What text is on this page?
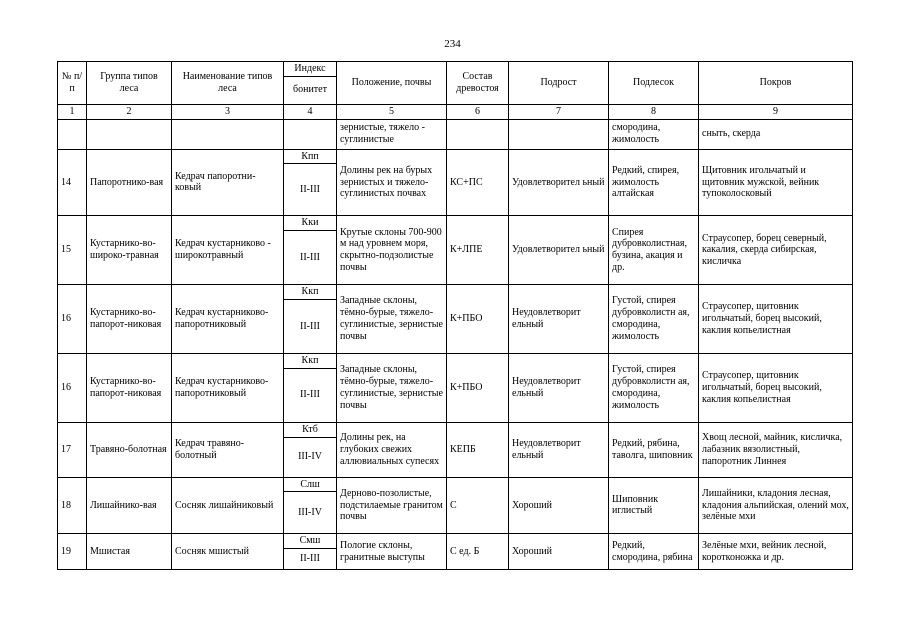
234
№ п/п	Группа типов леса	Наименование типов леса	Индекс	Положение, почвы	Состав древостоя	Подрост	Подлесок	Покров
			бонитет					
1	2	3	4	5	6	7	8	9
				зернистые, тяжело - суглинистые			смородина, жимолость	сныть, скерда
14	Папоротнико-вая	Кедрач папоротни-ковый	Кпп	Долины рек на бурых зернистых и тяжело-суглинистых почвах	КС+ПС	Удовлетворител ьный	Редкий, спирея, жимолость алтайская	Щитовник игольчатый и щитовник мужской, вейник тупоколосковый
			II-III					
15	Кустарнико-во-широко-травная	Кедрач кустарниково - широкотравный	Кки	Крутые склоны 700-900 м над уровнем моря, скрытно-подзолистые почвы	К+ЛПЕ	Удовлетворител ьный	Спирея дубровколистная, бузина, акация и др.	Страусопер, борец северный, какалия, скерда сибирская, кисличка
			II-III					
16	Кустарнико-во-папорот-никовая	Кедрач кустарниково-папоротниковый	Ккп	Западные склоны, тёмно-бурые, тяжело-суглинистые, зернистые почвы	К+ПБО	Неудовлетворит ельный	Густой, спирея дубровколистн ая, смородина, жимолость	Страусопер, щитовник игольчатый, борец высокий, каклия копьелистная
			II-III					
16	Кустарнико-во-папорот-никовая	Кедрач кустарниково-папоротниковый	Ккп	Западные склоны, тёмно-бурые, тяжело-суглинистые, зернистые почвы	К+ПБО	Неудовлетворит ельный	Густой, спирея дубровколистн ая, смородина, жимолость	Страусопер, щитовник игольчатый, борец высокий, каклия копьелистная
			II-III					
17	Травяно-болотная	Кедрач травяно-болотный	Ктб	Долины рек, на глубоких свежих аллювиальных супесях	КЕПБ	Неудовлетворит ельный	Редкий, рябина, таволга, шиповник	Хвощ лесной, майник, кисличка, лабазник вязолистный, папоротник Линнея
			III-IV					
18	Лишайнико-вая	Сосняк лишайниковый	Слш	Дерново-позолистые, подстилаемые гранитом почвы	С	Хороший	Шиповник иглистый	Лишайники, кладония лесная, кладония альпийская, олений мох, зелёные мхи
			III-IV					
19	Мшистая	Сосняк мшистый	Смш	Пологие склоны, гранитные выступы	С ед. Б	Хороший	Редкий, смородина, рябина	Зелёные мхи, вейник лесной, коротконожка и др.
			II-III					
